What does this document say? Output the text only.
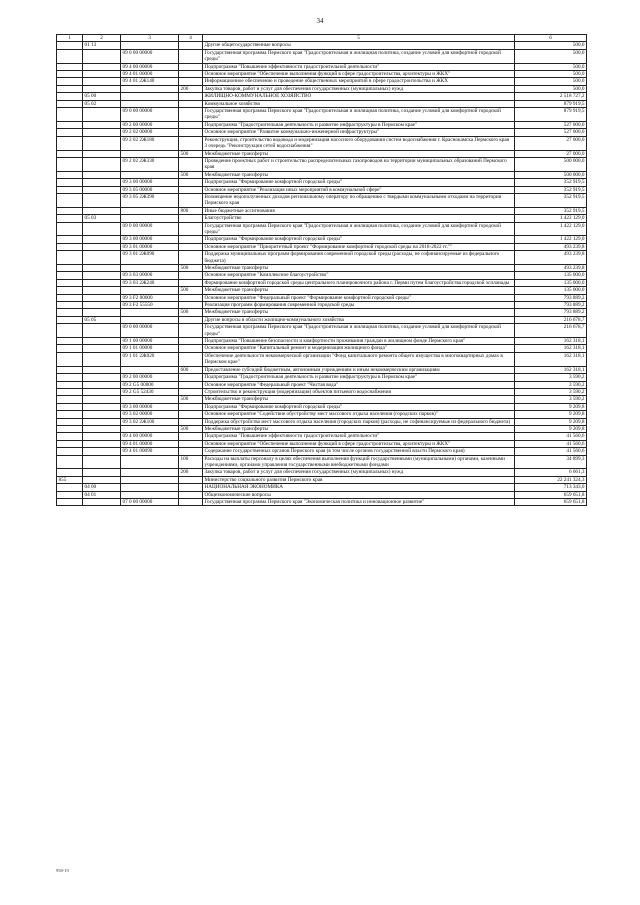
34
1	2	3	4	5	6
	01 13			Другие общегосударственные вопросы	500,0
		09 0 00 00000		Государственная программа Пермского края "Градостроительная и жилищная политика, создание условий для комфортной городской среды"	500,0
		09 4 00 00000		Подпрограмма "Повышение эффективности градостроительной деятельности"	500,0
		09 4 01 00000		Основное мероприятие "Обеспечение выполнения функций в сфере градостроительства, архитектуры и ЖКХ"	500,0
		09 4 01 2Ж140		Информационное обеспечение и проведение общественных мероприятий в сфере градостроительства и ЖКХ	500,0
			200	Закупка товаров, работ и услуг для обеспечения государственных (муниципальных) нужд	500,0
	05 00			ЖИЛИЩНО-КОММУНАЛЬНОЕ ХОЗЯЙСТВО	2 518 727,2
	05 02			Коммунальное хозяйство	879 919,5
		09 0 00 00000		Государственная программа Пермского края "Градостроительная и жилищная политика, создание условий для комфортной городской среды"	879 919,5
		09 2 00 00000		Подпрограмма "Градостроительная деятельность и развитие инфраструктуры в Пермском крае"	527 000,0
		09 2 02 00000		Основное мероприятие "Развитие коммунально-инженерной инфраструктуры"	527 000,0
		09 2 02 2Ж180		Реконструкция, строительство водовода и модернизация насосного оборудования систем водоснабжения г. Краснокамска Пермского края 3 очередь "Реконструкция сетей водоснабжения"	27 000,0
			500	Межбюджетные трансферты	27 000,0
		09 2 02 2Ж330		Проведение проектных работ и строительство распределительных газопроводов на территории муниципальных образований Пермского края	500 000,0
			500	Межбюджетные трансферты	500 000,0
		09 3 00 00000		Подпрограмма "Формирование комфортной городской среды"	352 919,5
		09 3 05 00000		Основное мероприятие "Реализация иных мероприятий в коммунальной сфере"	352 919,5
		09 3 05 2Ж390		Возмещение недополученных доходов региональному оператору по обращению с твердыми коммунальными отходами на территории Пермского края	352 919,5
			800	Иные бюджетные ассигнования	352 919,5
	05 03			Благоустройство	1 422 129,0
		09 0 00 00000		Государственная программа Пермского края "Градостроительная и жилищная политика, создание условий для комфортной городской среды"	1 422 129,0
		09 3 00 00000		Подпрограмма "Формирование комфортной городской среды"	1 422 129,0
		09 3 01 00000		Основное мероприятие "Приоритетный проект "Формирование комфортной городской среды на 2018-2022 гг.""	493 239,8
		09 3 01 2Ж090		Поддержка муниципальных программ формирования современной городской среды (расходы, не софинансируемые из федерального бюджета)	493 239,8
			500	Межбюджетные трансферты	493 239,8
		09 3 03 00000		Основное мероприятие "Комплексное благоустройство"	135 000,0
		09 3 03 2Ж240		Формирование комфортной городской среды центрального планировочного района г. Перми путем благоустройства городской эспланады	135 000,0
			500	Межбюджетные трансферты	135 000,0
		09 3 F2 00000		Основное мероприятие "Федеральный проект "Формирование комфортной городской среды"	793 889,2
		09 3 F2 55550		Реализация программ формирования современной городской среды	793 889,2
			500	Межбюджетные трансферты	793 889,2
	05 05			Другие вопросы в области жилищно-коммунального хозяйства	216 678,7
		09 0 00 00000		Государственная программа Пермского края "Градостроительная и жилищная политика, создание условий для комфортной городской среды"	216 678,7
		09 1 00 00000		Подпрограмма "Повышение безопасности и комфортности проживания граждан в жилищном фонде Пермского края"	162 318,1
		09 1 01 00000		Основное мероприятие "Капитальный ремонт и модернизация жилищного фонда"	162 318,1
		09 1 01 2Ж020		Обеспечение деятельности некоммерческой организации "Фонд капитального ремонта общего имущества в многоквартирных домах в Пермском крае"	162 318,1
			600	Предоставление субсидий бюджетным, автономным учреждениям и иным некоммерческим организациям	162 318,1
		09 2 00 00000		Подпрограмма "Градостроительная деятельность и развитие инфраструктуры в Пермском крае"	3 590,2
		09 2 G5 00000		Основное мероприятие "Федеральный проект "Чистая вода"	3 590,2
		09 2 G5 52430		Строительство и реконструкция (модернизация) объектов питьевого водоснабжения	3 590,2
			500	Межбюджетные трансферты	3 590,2
		09 3 00 00000		Подпрограмма "Формирование комфортной городской среды"	9 209,8
		09 3 02 00000		Основное мероприятие "Содействие обустройству мест массового отдыха населения (городских парков)"	9 209,8
		09 3 02 2Ж100		Поддержка обустройства мест массового отдыха населения (городских парков) (расходы, не софинансируемые из федерального бюджета)	9 209,8
			500	Межбюджетные трансферты	9 209,8
		09 4 00 00000		Подпрограмма "Повышение эффективности градостроительной деятельности"	41 560,6
		09 4 01 00000		Основное мероприятие "Обеспечение выполнения функций в сфере градостроительства, архитектуры и ЖКХ"	41 560,6
		09 4 01 00090		Содержание государственных органов Пермского края (в том числе органов государственной власти Пермского края)	41 560,6
			100	Расходы на выплаты персоналу в целях обеспечения выполнения функций государственными (муниципальными) органами, казенными учреждениями, органами управления государственными внебюджетными фондами	34 899,3
			200	Закупка товаров, работ и услуг для обеспечения государственных (муниципальных) нужд	6 661,3
855				Министерство социального развития Пермского края	22 241 324,3
	04 00			НАЦИОНАЛЬНАЯ ЭКОНОМИКА	713 343,0
	04 01			Общеэкономические вопросы	659 651,8
		07 0 00 00000		Государственная программа Пермского края "Экономическая политика и инновационное развитие"	659 651,8
958-19
